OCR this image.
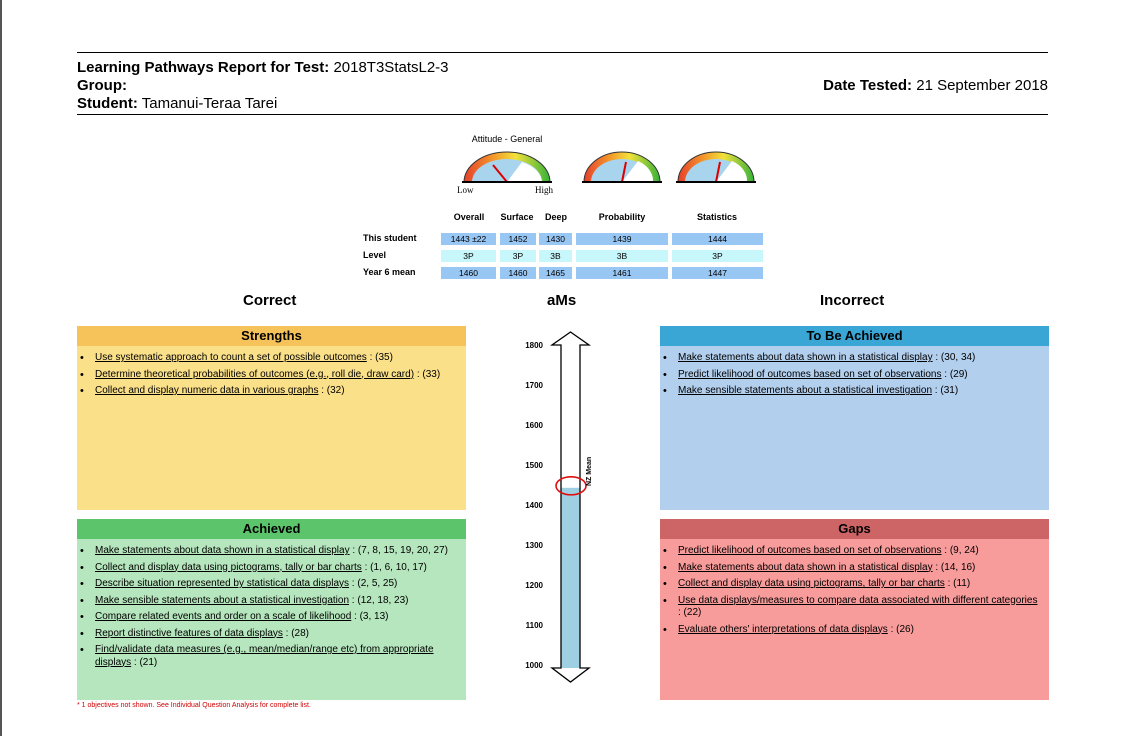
Learning Pathways Report for Test: 2018T3StatsL2-3
Group:
Student: Tamanui-Teraa Tarei
Date Tested: 21 September 2018
Attitude - General
Low	High
Overall	Surface	Deep	Probability	Statistics
This student	1443 ±22	1452	1430	1439	1444
Level	3P	3P	3B	3B	3P
Year 6 mean	1460	1460	1465	1461	1447
Correct	aMs	Incorrect
Strengths
• Use systematic approach to count a set of possible outcomes : (35)
• Determine theoretical probabilities of outcomes (e.g., roll die, draw card) : (33)
• Collect and display numeric data in various graphs : (32)
Achieved
• Make statements about data shown in a statistical display : (7, 8, 15, 19, 20, 27)
• Collect and display data using pictograms, tally or bar charts : (1, 6, 10, 17)
• Describe situation represented by statistical data displays : (2, 5, 25)
• Make sensible statements about a statistical investigation : (12, 18, 23)
• Compare related events and order on a scale of likelihood : (3, 13)
• Report distinctive features of data displays : (28)
• Find/validate data measures (e.g., mean/median/range etc) from appropriate displays : (21)
* 1 objectives not shown. See Individual Question Analysis for complete list.
To Be Achieved
• Make statements about data shown in a statistical display : (30, 34)
• Predict likelihood of outcomes based on set of observations : (29)
• Make sensible statements about a statistical investigation : (31)
Gaps
• Predict likelihood of outcomes based on set of observations : (9, 24)
• Make statements about data shown in a statistical display : (14, 16)
• Collect and display data using pictograms, tally or bar charts : (11)
• Use data displays/measures to compare data associated with different categories : (22)
• Evaluate others' interpretations of data displays : (26)
1800
1700
1600
1500
1400
1300
1200
1100
1000
NZ Mean
